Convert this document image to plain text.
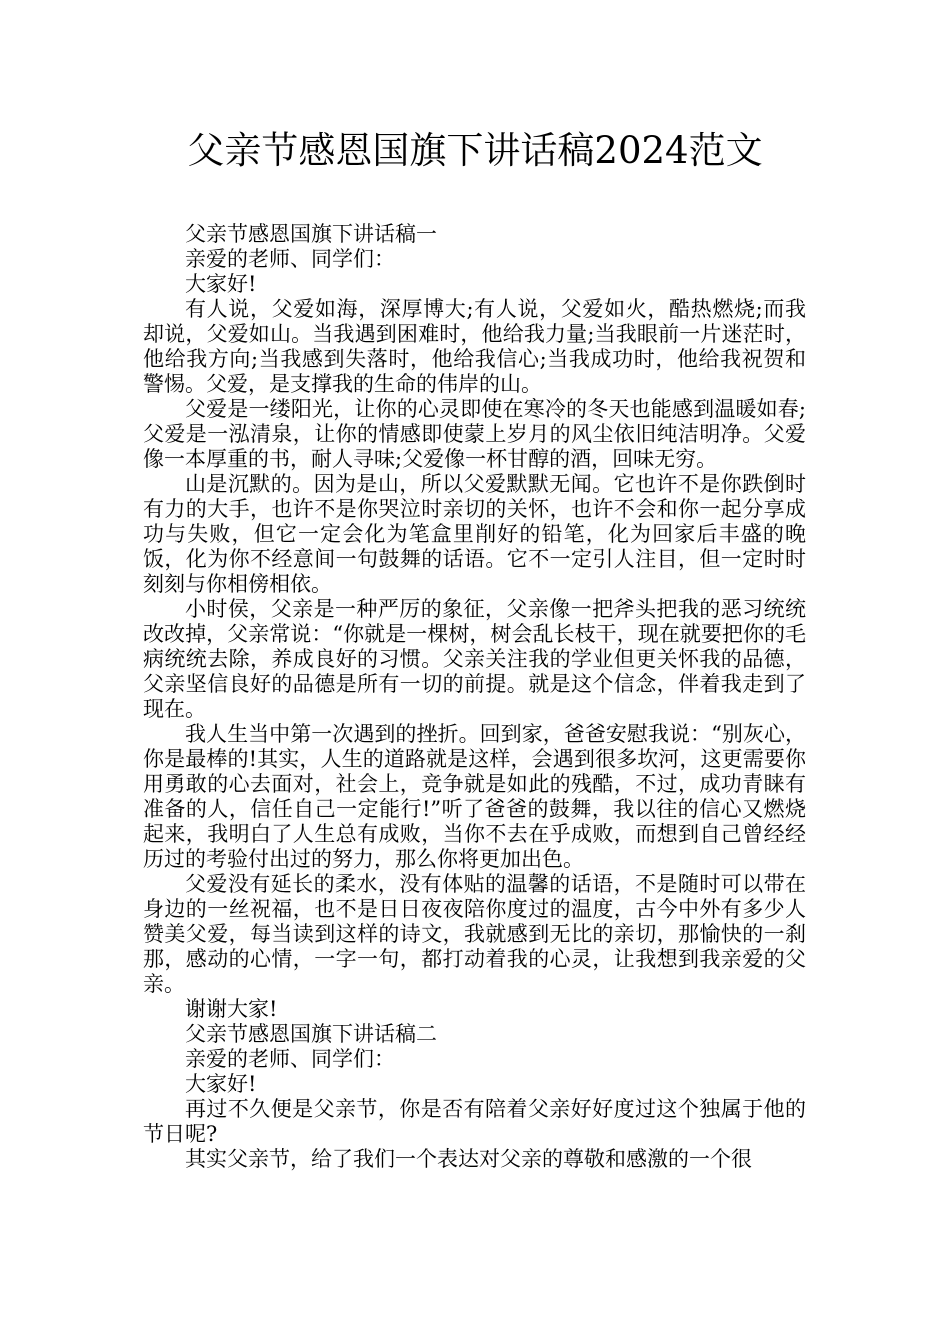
父亲节感恩国旗下讲话稿2024范文

父亲节感恩国旗下讲话稿一

亲爱的老师、同学们：

大家好!

有人说，父爱如海，深厚博大;有人说，父爱如火，酷热燃烧;而我却说，父爱如山。当我遇到困难时，他给我力量;当我眼前一片迷茫时，他给我方向;当我感到失落时，他给我信心;当我成功时，他给我祝贺和警惕。父爱，是支撑我的生命的伟岸的山。

父爱是一缕阳光，让你的心灵即使在寒冷的冬天也能感到温暖如春;父爱是一泓清泉，让你的情感即使蒙上岁月的风尘依旧纯洁明净。父爱像一本厚重的书，耐人寻味;父爱像一杯甘醇的酒，回味无穷。

山是沉默的。因为是山，所以父爱默默无闻。它也许不是你跌倒时有力的大手，也许不是你哭泣时亲切的关怀，也许不会和你一起分享成功与失败，但它一定会化为笔盒里削好的铅笔，化为回家后丰盛的晚饭，化为你不经意间一句鼓舞的话语。它不一定引人注目，但一定时时刻刻与你相傍相依。

小时侯，父亲是一种严厉的象征，父亲像一把斧头把我的恶习统统改改掉，父亲常说：“你就是一棵树，树会乱长枝干，现在就要把你的毛病统统去除，养成良好的习惯。父亲关注我的学业但更关怀我的品德，父亲坚信良好的品德是所有一切的前提。就是这个信念，伴着我走到了现在。

我人生当中第一次遇到的挫折。回到家，爸爸安慰我说：“别灰心，你是最棒的!其实，人生的道路就是这样，会遇到很多坎河，这更需要你用勇敢的心去面对，社会上，竞争就是如此的残酷，不过，成功青睐有准备的人，信任自己一定能行!”听了爸爸的鼓舞，我以往的信心又燃烧起来，我明白了人生总有成败，当你不去在乎成败，而想到自己曾经经历过的考验付出过的努力，那么你将更加出色。

父爱没有延长的柔水，没有体贴的温馨的话语，不是随时可以带在身边的一丝祝福，也不是日日夜夜陪你度过的温度，古今中外有多少人赞美父爱，每当读到这样的诗文，我就感到无比的亲切，那愉快的一刹那，感动的心情，一字一句，都打动着我的心灵，让我想到我亲爱的父亲。

谢谢大家!

父亲节感恩国旗下讲话稿二

亲爱的老师、同学们：

大家好!

再过不久便是父亲节，你是否有陪着父亲好好度过这个独属于他的节日呢?

其实父亲节，给了我们一个表达对父亲的尊敬和感激的一个很
